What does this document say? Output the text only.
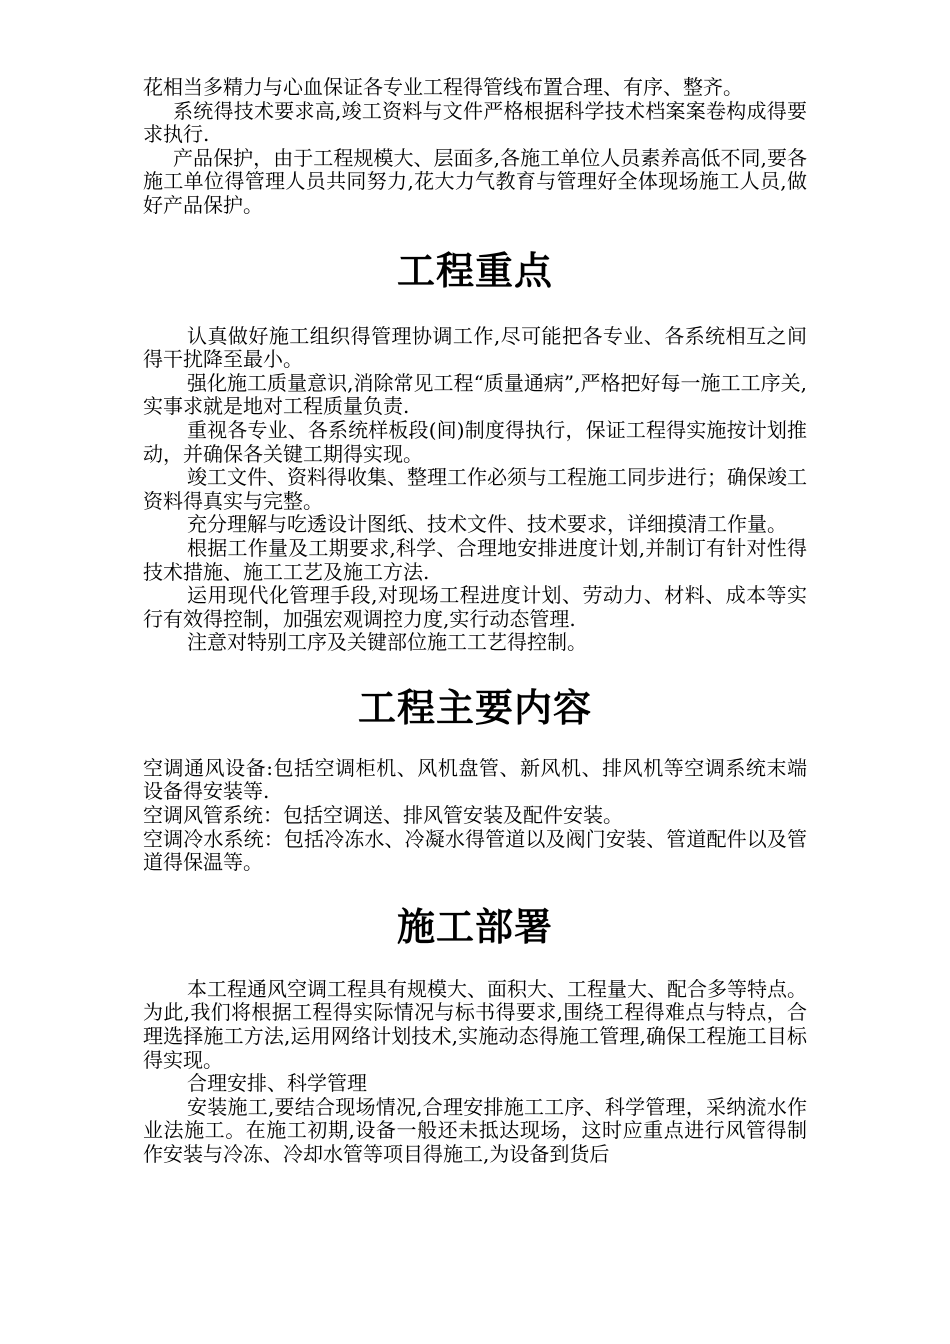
花相当多精力与心血保证各专业工程得管线布置合理、有序、整齐。

系统得技术要求高,竣工资料与文件严格根据科学技术档案案卷构成得要求执行.

产品保护，由于工程规模大、层面多,各施工单位人员素养高低不同,要各施工单位得管理人员共同努力,花大力气教育与管理好全体现场施工人员,做好产品保护。

工程重点

认真做好施工组织得管理协调工作,尽可能把各专业、各系统相互之间得干扰降至最小。

强化施工质量意识,消除常见工程“质量通病”,严格把好每一施工工序关,实事求就是地对工程质量负责.

重视各专业、各系统样板段(间)制度得执行，保证工程得实施按计划推动，并确保各关键工期得实现。

竣工文件、资料得收集、整理工作必须与工程施工同步进行；确保竣工资料得真实与完整。

充分理解与吃透设计图纸、技术文件、技术要求，详细摸清工作量。

根据工作量及工期要求,科学、合理地安排进度计划,并制订有针对性得技术措施、施工工艺及施工方法.

运用现代化管理手段,对现场工程进度计划、劳动力、材料、成本等实行有效得控制，加强宏观调控力度,实行动态管理.

注意对特别工序及关键部位施工工艺得控制。

工程主要内容

空调通风设备:包括空调柜机、风机盘管、新风机、排风机等空调系统末端设备得安装等.

空调风管系统：包括空调送、排风管安装及配件安装。

空调冷水系统：包括冷冻水、冷凝水得管道以及阀门安装、管道配件以及管道得保温等。

施工部署

本工程通风空调工程具有规模大、面积大、工程量大、配合多等特点。为此,我们将根据工程得实际情况与标书得要求,围绕工程得难点与特点，合理选择施工方法,运用网络计划技术,实施动态得施工管理,确保工程施工目标得实现。

合理安排、科学管理

安装施工,要结合现场情况,合理安排施工工序、科学管理，采纳流水作业法施工。在施工初期,设备一般还未抵达现场，这时应重点进行风管得制作安装与冷冻、冷却水管等项目得施工,为设备到货后
